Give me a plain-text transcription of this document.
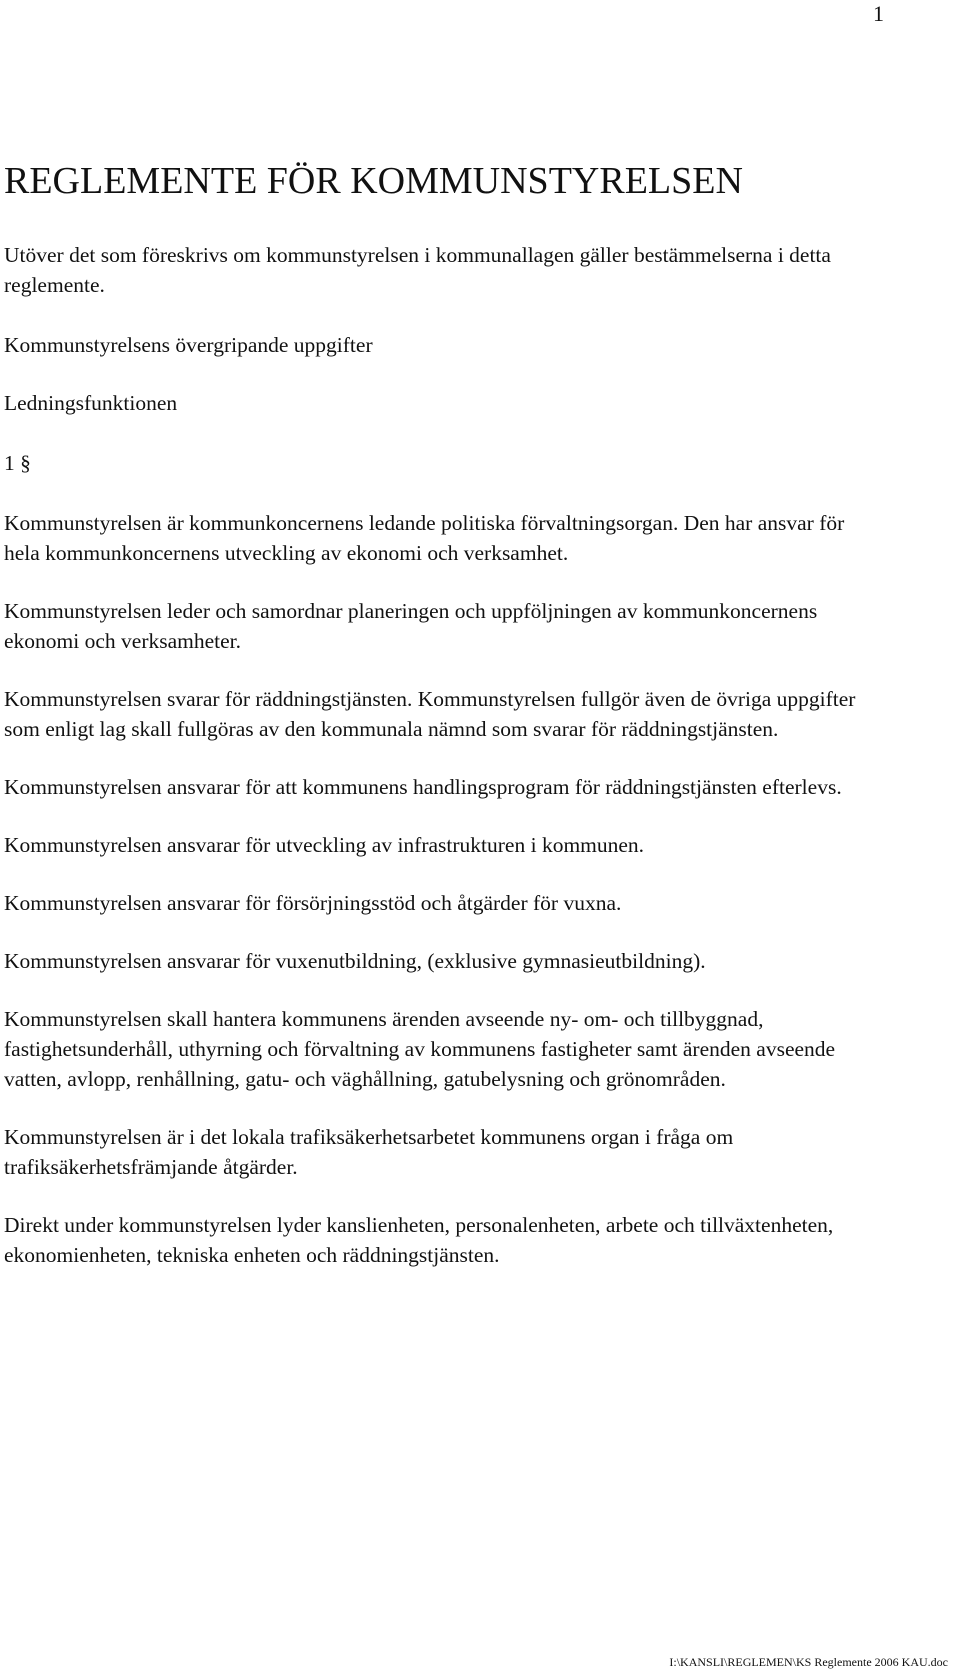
1
REGLEMENTE FÖR KOMMUNSTYRELSEN

Utöver det som föreskrivs om kommunstyrelsen i kommunallagen gäller bestämmelserna i detta reglemente.

Kommunstyrelsens övergripande uppgifter

Ledningsfunktionen

1 §

Kommunstyrelsen är kommunkoncernens ledande politiska förvaltningsorgan. Den har ansvar för hela kommunkoncernens utveckling av ekonomi och verksamhet.

Kommunstyrelsen leder och samordnar planeringen och uppföljningen av kommunkoncernens ekonomi och verksamheter.

Kommunstyrelsen svarar för räddningstjänsten. Kommunstyrelsen fullgör även de övriga uppgifter som enligt lag skall fullgöras av den kommunala nämnd som svarar för räddningstjänsten.

Kommunstyrelsen ansvarar för att kommunens handlingsprogram för räddningstjänsten efterlevs.

Kommunstyrelsen ansvarar för utveckling av infrastrukturen i kommunen.

Kommunstyrelsen ansvarar för försörjningsstöd och åtgärder för vuxna.

Kommunstyrelsen ansvarar för vuxenutbildning, (exklusive gymnasieutbildning).

Kommunstyrelsen skall hantera kommunens ärenden avseende ny- om- och tillbyggnad, fastighetsunderhåll, uthyrning och förvaltning av kommunens fastigheter samt ärenden avseende vatten, avlopp, renhållning, gatu- och väghållning, gatubelysning och grönområden.

Kommunstyrelsen är i det lokala trafiksäkerhetsarbetet kommunens organ i fråga om trafiksäkerhetsfrämjande åtgärder.

Direkt under kommunstyrelsen lyder kanslienheten, personalenheten, arbete och tillväxtenheten, ekonomienheten, tekniska enheten och räddningstjänsten.

I:\KANSLI\REGLEMEN\KS Reglemente 2006 KAU.doc
